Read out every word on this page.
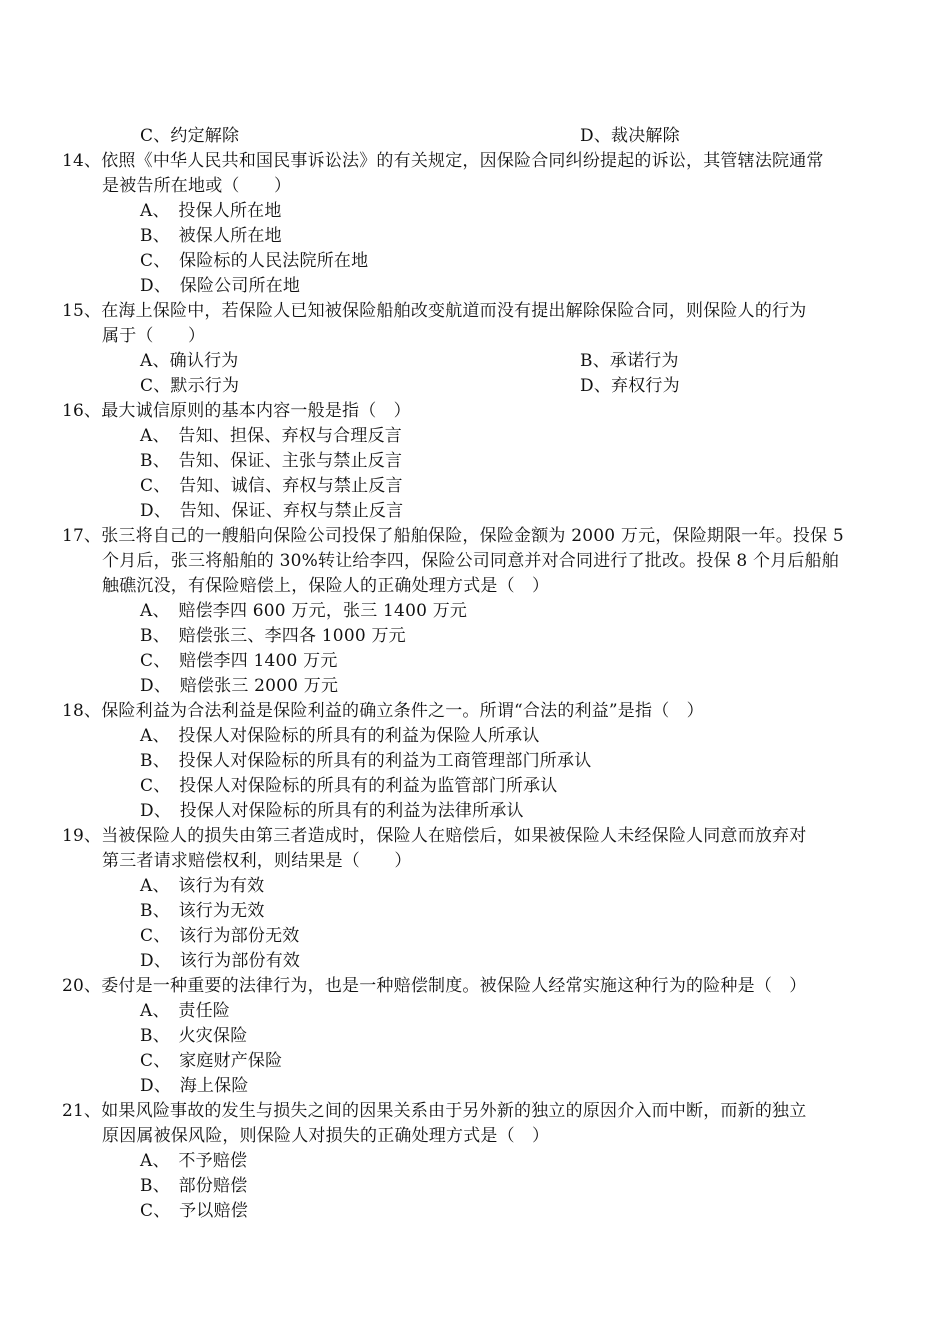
C、约定解除	D、裁决解除
14、依照《中华人民共和国民事诉讼法》的有关规定，因保险合同纠纷提起的诉讼，其管辖法院通常
是被告所在地或（　　）
A、　投保人所在地
B、　被保人所在地
C、　保险标的人民法院所在地
D、　保险公司所在地
15、在海上保险中，若保险人已知被保险船舶改变航道而没有提出解除保险合同，则保险人的行为
属于（　　）
A、确认行为	B、承诺行为
C、默示行为	D、弃权行为
16、最大诚信原则的基本内容一般是指（　）
A、　告知、担保、弃权与合理反言
B、　告知、保证、主张与禁止反言
C、　告知、诚信、弃权与禁止反言
D、　告知、保证、弃权与禁止反言
17、张三将自己的一艘船向保险公司投保了船舶保险，保险金额为 2000 万元，保险期限一年。投保 5
个月后，张三将船舶的 30%转让给李四，保险公司同意并对合同进行了批改。投保 8 个月后船舶
触礁沉没，有保险赔偿上，保险人的正确处理方式是（　）
A、　赔偿李四 600 万元，张三 1400 万元
B、　赔偿张三、李四各 1000 万元
C、　赔偿李四 1400 万元
D、　赔偿张三 2000 万元
18、保险利益为合法利益是保险利益的确立条件之一。所谓“合法的利益”是指（　）
A、　投保人对保险标的所具有的利益为保险人所承认
B、　投保人对保险标的所具有的利益为工商管理部门所承认
C、　投保人对保险标的所具有的利益为监管部门所承认
D、　投保人对保险标的所具有的利益为法律所承认
19、当被保险人的损失由第三者造成时，保险人在赔偿后，如果被保险人未经保险人同意而放弃对
第三者请求赔偿权利，则结果是（　　）
A、　该行为有效
B、　该行为无效
C、　该行为部份无效
D、　该行为部份有效
20、委付是一种重要的法律行为，也是一种赔偿制度。被保险人经常实施这种行为的险种是（　）
A、　责任险
B、　火灾保险
C、　家庭财产保险
D、　海上保险
21、如果风险事故的发生与损失之间的因果关系由于另外新的独立的原因介入而中断，而新的独立
原因属被保风险，则保险人对损失的正确处理方式是（　）
A、　不予赔偿
B、　部份赔偿
C、　予以赔偿
